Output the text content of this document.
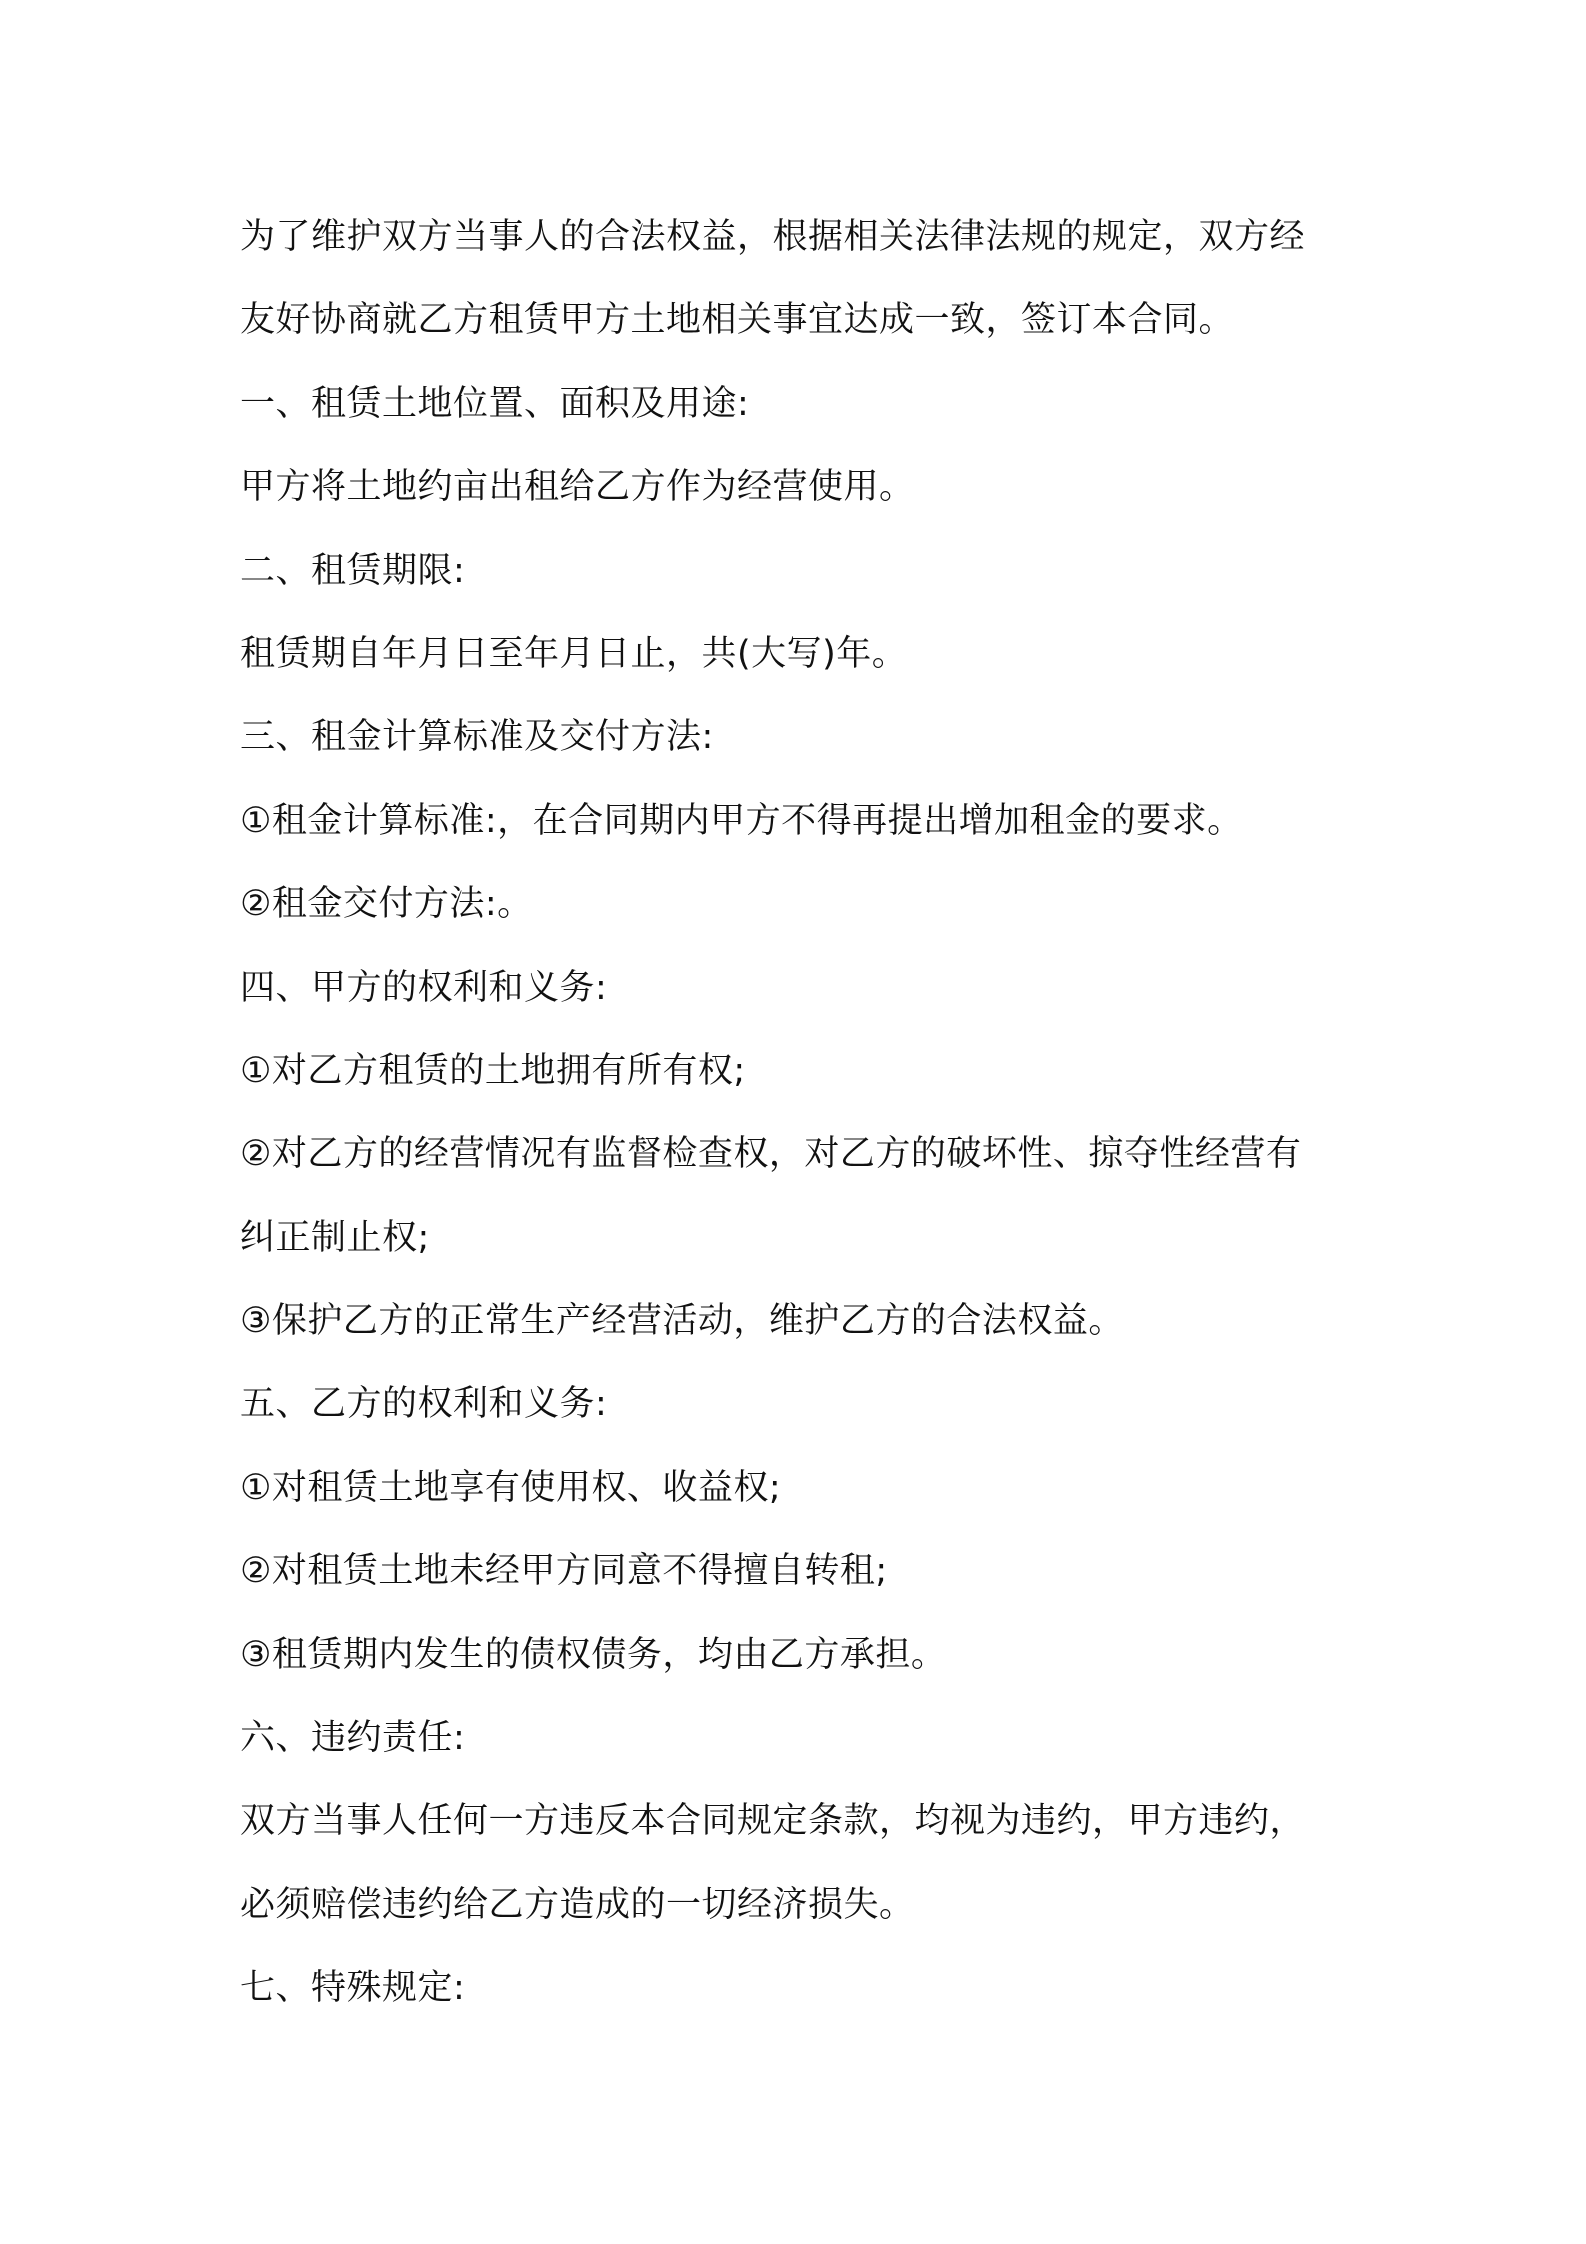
为了维护双方当事人的合法权益，根据相关法律法规的规定，双方经
友好协商就乙方租赁甲方土地相关事宜达成一致，签订本合同。
一、租赁土地位置、面积及用途:
甲方将土地约亩出租给乙方作为经营使用。
二、租赁期限:
租赁期自年月日至年月日止，共(大写)年。
三、租金计算标准及交付方法:
①租金计算标准:，在合同期内甲方不得再提出增加租金的要求。
②租金交付方法:。
四、甲方的权利和义务:
①对乙方租赁的土地拥有所有权;
②对乙方的经营情况有监督检查权，对乙方的破坏性、掠夺性经营有
纠正制止权;
③保护乙方的正常生产经营活动，维护乙方的合法权益。
五、乙方的权利和义务:
①对租赁土地享有使用权、收益权;
②对租赁土地未经甲方同意不得擅自转租;
③租赁期内发生的债权债务，均由乙方承担。
六、违约责任:
双方当事人任何一方违反本合同规定条款，均视为违约，甲方违约，
必须赔偿违约给乙方造成的一切经济损失。
七、特殊规定:
